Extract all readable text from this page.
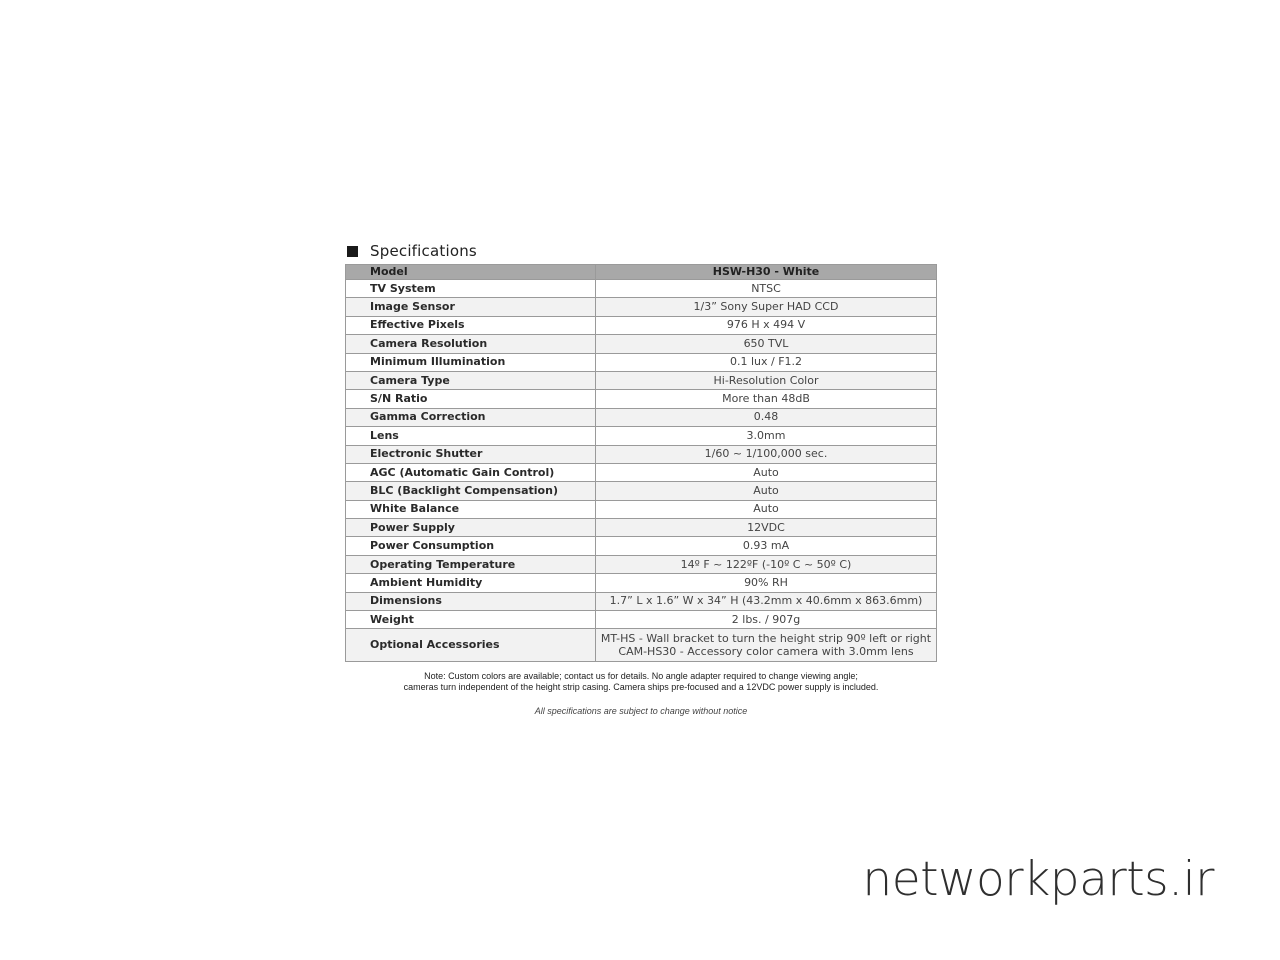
Specifications
Model	HSW-H30 - White
TV System	NTSC
Image Sensor	1/3” Sony Super HAD CCD
Effective Pixels	976 H x 494 V
Camera Resolution	650 TVL
Minimum Illumination	0.1 lux / F1.2
Camera Type	Hi-Resolution Color
S/N Ratio	More than 48dB
Gamma Correction	0.48
Lens	3.0mm
Electronic Shutter	1/60 ~ 1/100,000 sec.
AGC (Automatic Gain Control)	Auto
BLC (Backlight Compensation)	Auto
White Balance	Auto
Power Supply	12VDC
Power Consumption	0.93 mA
Operating Temperature	14º F ~ 122ºF (-10º C ~ 50º C)
Ambient Humidity	90% RH
Dimensions	1.7” L x 1.6” W x 34” H (43.2mm x 40.6mm x 863.6mm)
Weight	2 lbs. / 907g
Optional Accessories	MT-HS - Wall bracket to turn the height strip 90º left or right
CAM-HS30 - Accessory color camera with 3.0mm lens
Note: Custom colors are available; contact us for details. No angle adapter required to change viewing angle;
cameras turn independent of the height strip casing. Camera ships pre-focused and a 12VDC power supply is included.
All specifications are subject to change without notice
networkparts.ir
